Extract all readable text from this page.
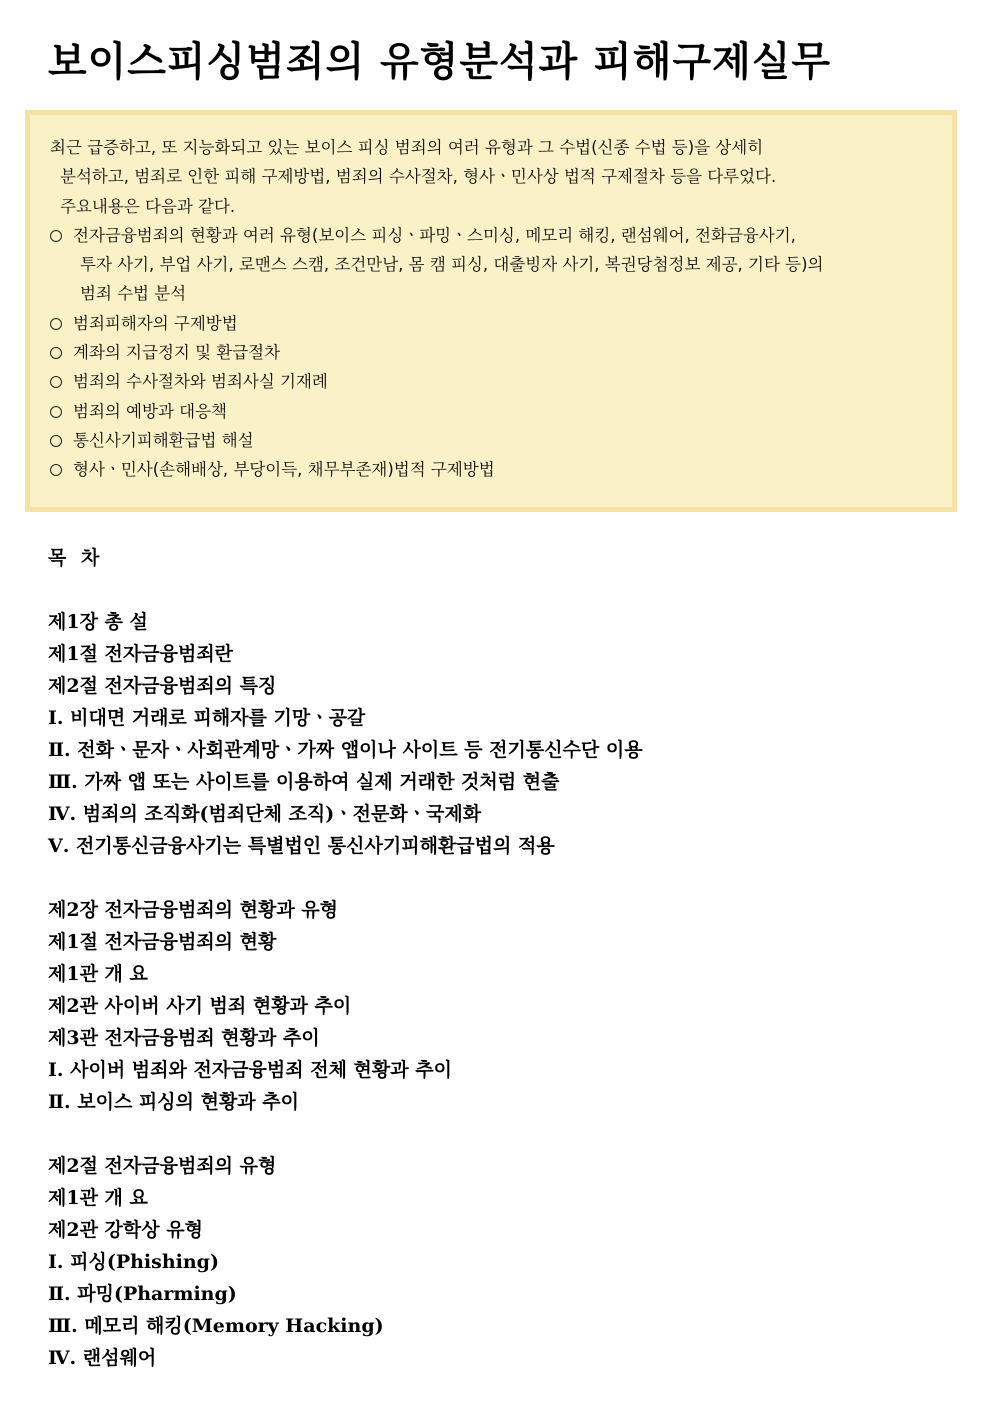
보이스피싱범죄의 유형분석과 피해구제실무
최근 급증하고, 또 지능화되고 있는 보이스 피싱 범죄의 여러 유형과 그 수법(신종 수법 등)을 상세히
분석하고, 범죄로 인한 피해 구제방법, 범죄의 수사절차, 형사ㆍ민사상 법적 구제절차 등을 다루었다.
주요내용은 다음과 같다.
전자금융범죄의 현황과 여러 유형(보이스 피싱ㆍ파밍ㆍ스미싱, 메모리 해킹, 랜섬웨어, 전화금융사기,
투자 사기, 부업 사기, 로맨스 스캠, 조건만남, 몸 캠 피싱, 대출빙자 사기, 복권당첨정보 제공, 기타 등)의
범죄 수법 분석
범죄피해자의 구제방법
계좌의 지급정지 및 환급절차
범죄의 수사절차와 범죄사실 기재례
범죄의 예방과 대응책
통신사기피해환급법 해설
형사ㆍ민사(손해배상, 부당이득, 채무부존재)법적 구제방법
목 차
제1장 총 설
제1절 전자금융범죄란
제2절 전자금융범죄의 특징
Ⅰ. 비대면 거래로 피해자를 기망ㆍ공갈
Ⅱ. 전화ㆍ문자ㆍ사회관계망ㆍ가짜 앱이나 사이트 등 전기통신수단 이용
Ⅲ. 가짜 앱 또는 사이트를 이용하여 실제 거래한 것처럼 현출
Ⅳ. 범죄의 조직화(범죄단체 조직)ㆍ전문화ㆍ국제화
Ⅴ. 전기통신금융사기는 특별법인 통신사기피해환급법의 적용
제2장 전자금융범죄의 현황과 유형
제1절 전자금융범죄의 현황
제1관 개 요
제2관 사이버 사기 범죄 현황과 추이
제3관 전자금융범죄 현황과 추이
Ⅰ. 사이버 범죄와 전자금융범죄 전체 현황과 추이
Ⅱ. 보이스 피싱의 현황과 추이
제2절 전자금융범죄의 유형
제1관 개 요
제2관 강학상 유형
Ⅰ. 피싱(Phishing)
Ⅱ. 파밍(Pharming)
Ⅲ. 메모리 해킹(Memory Hacking)
Ⅳ. 랜섬웨어
